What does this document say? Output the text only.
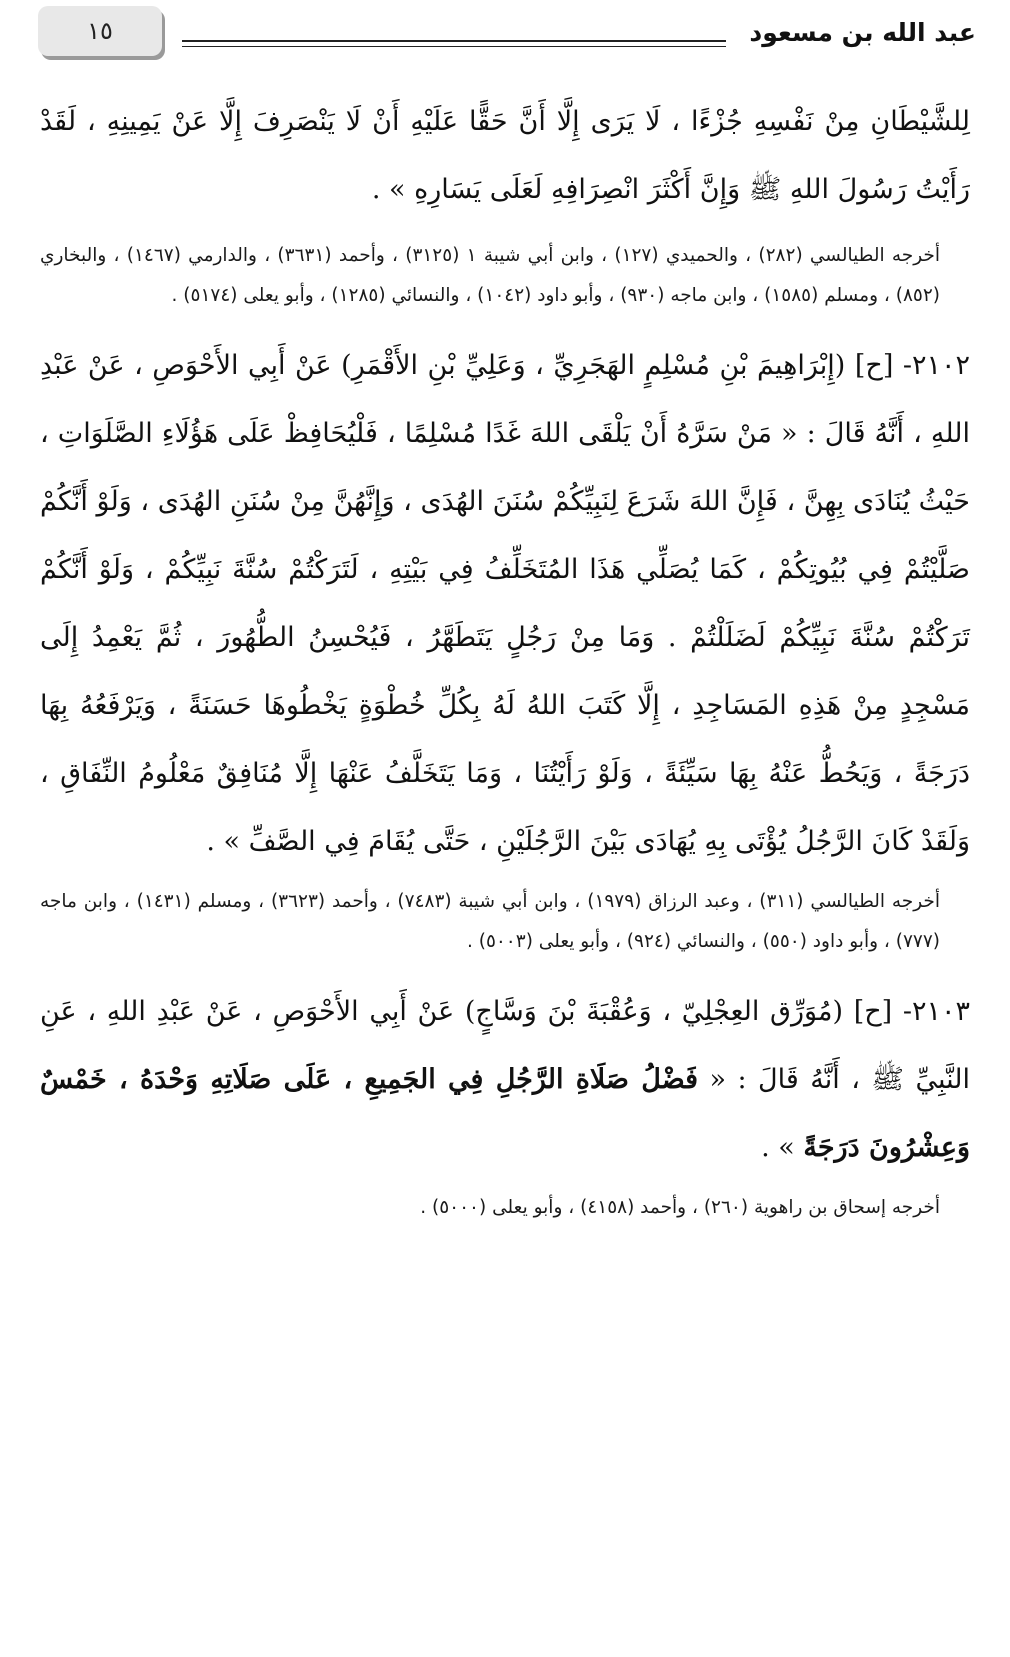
عبد الله بن مسعود
١٥

لِلشَّيْطَانِ مِنْ نَفْسِهِ جُزْءًا ، لَا يَرَى إِلَّا أَنَّ حَقًّا عَلَيْهِ أَنْ لَا يَنْصَرِفَ إِلَّا عَنْ يَمِينِهِ ، لَقَدْ رَأَيْتُ رَسُولَ اللهِ ﷺ وَإِنَّ أَكْثَرَ انْصِرَافِهِ لَعَلَى يَسَارِهِ » .

أخرجه الطيالسي (٢٨٢) ، والحميدي (١٢٧) ، وابن أبي شيبة ١ (٣١٢٥) ، وأحمد (٣٦٣١) ، والدارمي (١٤٦٧) ، والبخاري (٨٥٢) ، ومسلم (١٥٨٥) ، وابن ماجه (٩٣٠) ، وأبو داود (١٠٤٢) ، والنسائي (١٢٨٥) ، وأبو يعلى (٥١٧٤) .

٢١٠٢- [ح] (إِبْرَاهِيمَ بْنِ مُسْلِمٍ الهَجَرِيِّ ، وَعَلِيِّ بْنِ الأَقْمَرِ) عَنْ أَبِي الأَحْوَصِ ، عَنْ عَبْدِ اللهِ ، أَنَّهُ قَالَ : « مَنْ سَرَّهُ أَنْ يَلْقَى اللهَ غَدًا مُسْلِمًا ، فَلْيُحَافِظْ عَلَى هَؤُلَاءِ الصَّلَوَاتِ ، حَيْثُ يُنَادَى بِهِنَّ ، فَإِنَّ اللهَ شَرَعَ لِنَبِيِّكُمْ سُنَنَ الهُدَى ، وَإِنَّهُنَّ مِنْ سُنَنِ الهُدَى ، وَلَوْ أَنَّكُمْ صَلَّيْتُمْ فِي بُيُوتِكُمْ ، كَمَا يُصَلِّي هَذَا المُتَخَلِّفُ فِي بَيْتِهِ ، لَتَرَكْتُمْ سُنَّةَ نَبِيِّكُمْ ، وَلَوْ أَنَّكُمْ تَرَكْتُمْ سُنَّةَ نَبِيِّكُمْ لَضَلَلْتُمْ . وَمَا مِنْ رَجُلٍ يَتَطَهَّرُ ، فَيُحْسِنُ الطُّهُورَ ، ثُمَّ يَعْمِدُ إِلَى مَسْجِدٍ مِنْ هَذِهِ المَسَاجِدِ ، إِلَّا كَتَبَ اللهُ لَهُ بِكُلِّ خُطْوَةٍ يَخْطُوهَا حَسَنَةً ، وَيَرْفَعُهُ بِهَا دَرَجَةً ، وَيَحُطُّ عَنْهُ بِهَا سَيِّئَةً ، وَلَوْ رَأَيْتُنَا ، وَمَا يَتَخَلَّفُ عَنْهَا إِلَّا مُنَافِقٌ مَعْلُومُ النِّفَاقِ ، وَلَقَدْ كَانَ الرَّجُلُ يُؤْتَى بِهِ يُهَادَى بَيْنَ الرَّجُلَيْنِ ، حَتَّى يُقَامَ فِي الصَّفِّ » .

أخرجه الطيالسي (٣١١) ، وعبد الرزاق (١٩٧٩) ، وابن أبي شيبة (٧٤٨٣) ، وأحمد (٣٦٢٣) ، ومسلم (١٤٣١) ، وابن ماجه (٧٧٧) ، وأبو داود (٥٥٠) ، والنسائي (٩٢٤) ، وأبو يعلى (٥٠٠٣) .

٢١٠٣- [ح] (مُوَرِّق العِجْلِيّ ، وَعُقْبَةَ بْنَ وَسَّاجٍ) عَنْ أَبِي الأَحْوَصِ ، عَنْ عَبْدِ اللهِ ، عَنِ النَّبِيِّ ﷺ ، أَنَّهُ قَالَ : « فَضْلُ صَلَاةِ الرَّجُلِ فِي الجَمِيعِ ، عَلَى صَلَاتِهِ وَحْدَهُ ، خَمْسٌ وَعِشْرُونَ دَرَجَةً » .

أخرجه إسحاق بن راهوية (٢٦٠) ، وأحمد (٤١٥٨) ، وأبو يعلى (٥٠٠٠) .
